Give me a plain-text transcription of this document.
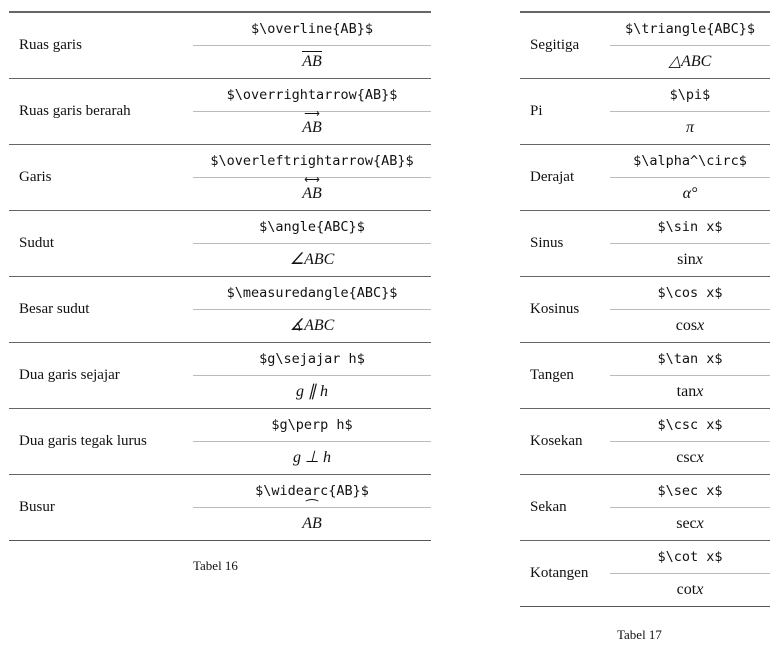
Ruas garis
$\overline{AB}$
AB
Ruas garis berarah
$\overrightarrow{AB}$
⟶ AB
Garis
$\overleftrightarrow{AB}$
⟷ AB
Sudut
$\angle{ABC}$
∠ABC
Besar sudut
$\measuredangle{ABC}$
∡ABC
Dua garis sejajar
$g\sejajar h$
g ∥ h
Dua garis tegak lurus
$g\perp h$
g ⊥ h
Busur
$\widearc{AB}$
⁀ AB
Tabel 16
Segitiga
$\triangle{ABC}$
△ABC
Pi
$\pi$
π
Derajat
$\alpha^\circ$
α°
Sinus
$\sin x$
sinx
Kosinus
$\cos x$
cosx
Tangen
$\tan x$
tanx
Kosekan
$\csc x$
cscx
Sekan
$\sec x$
secx
Kotangen
$\cot x$
cotx
Tabel 17
